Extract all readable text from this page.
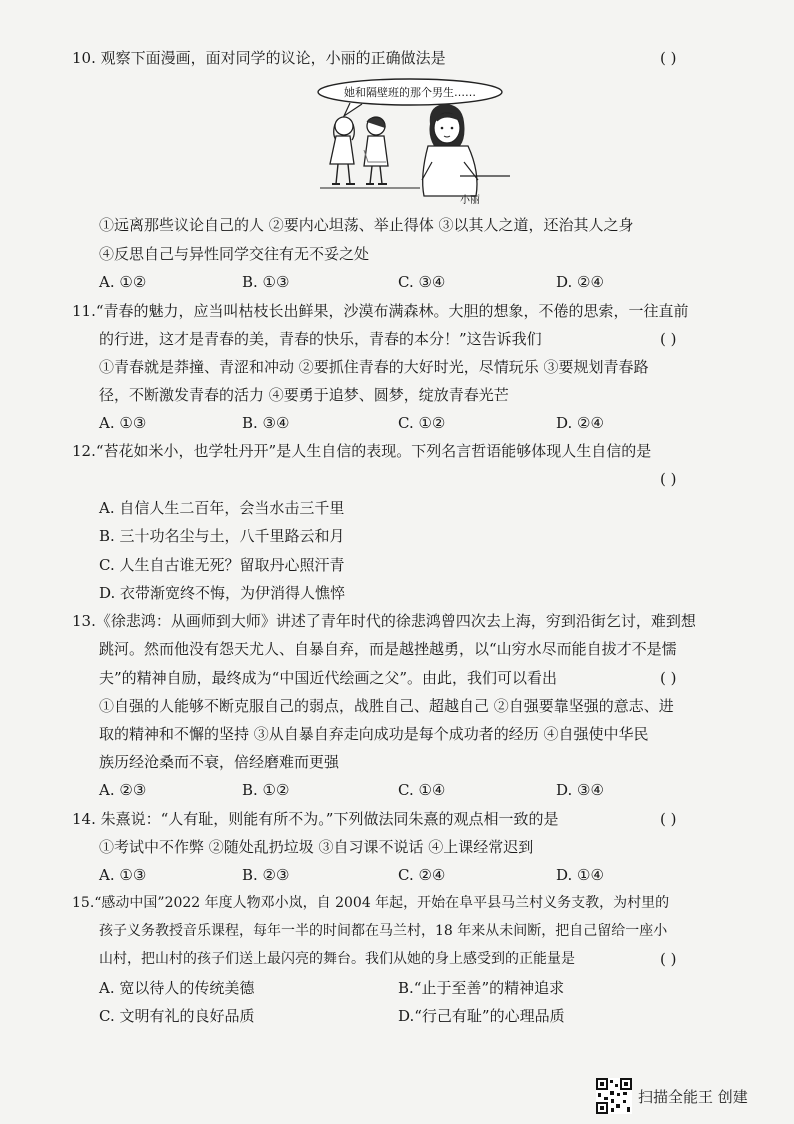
10. 观察下面漫画，面对同学的议论，小丽的正确做法是	( )
小丽
她和隔壁班的那个男生……
①远离那些议论自己的人 ②要内心坦荡、举止得体 ③以其人之道，还治其人之身
④反思自己与异性同学交往有无不妥之处
A. ①②	B. ①③	C. ③④	D. ②④
11.“青春的魅力，应当叫枯枝长出鲜果，沙漠布满森林。大胆的想象，不倦的思索，一往直前
的行进，这才是青春的美，青春的快乐，青春的本分！”这告诉我们	( )
①青春就是莽撞、青涩和冲动 ②要抓住青春的大好时光，尽情玩乐 ③要规划青春路
径，不断激发青春的活力 ④要勇于追梦、圆梦，绽放青春光芒
A. ①③	B. ③④	C. ①②	D. ②④
12.“苔花如米小，也学牡丹开”是人生自信的表现。下列名言哲语能够体现人生自信的是
( )
A. 自信人生二百年，会当水击三千里
B. 三十功名尘与土，八千里路云和月
C. 人生自古谁无死？留取丹心照汗青
D. 衣带渐宽终不悔，为伊消得人憔悴
13.《徐悲鸿：从画师到大师》讲述了青年时代的徐悲鸿曾四次去上海，穷到沿街乞讨，难到想
跳河。然而他没有怨天尤人、自暴自弃，而是越挫越勇，以“山穷水尽而能自拔才不是懦
夫”的精神自励，最终成为“中国近代绘画之父”。由此，我们可以看出	( )
①自强的人能够不断克服自己的弱点，战胜自己、超越自己 ②自强要靠坚强的意志、进
取的精神和不懈的坚持 ③从自暴自弃走向成功是每个成功者的经历 ④自强使中华民
族历经沧桑而不衰，倍经磨难而更强
A. ②③	B. ①②	C. ①④	D. ③④
14. 朱熹说：“人有耻，则能有所不为。”下列做法同朱熹的观点相一致的是	( )
①考试中不作弊 ②随处乱扔垃圾 ③自习课不说话 ④上课经常迟到
A. ①③	B. ②③	C. ②④	D. ①④
15.“感动中国”2022 年度人物邓小岚，自 2004 年起，开始在阜平县马兰村义务支教，为村里的
孩子义务教授音乐课程，每年一半的时间都在马兰村，18 年来从未间断，把自己留给一座小
山村，把山村的孩子们送上最闪亮的舞台。我们从她的身上感受到的正能量是	( )
A. 宽以待人的传统美德	B.“止于至善”的精神追求
C. 文明有礼的良好品质	D.“行己有耻”的心理品质
扫描全能王 创建
